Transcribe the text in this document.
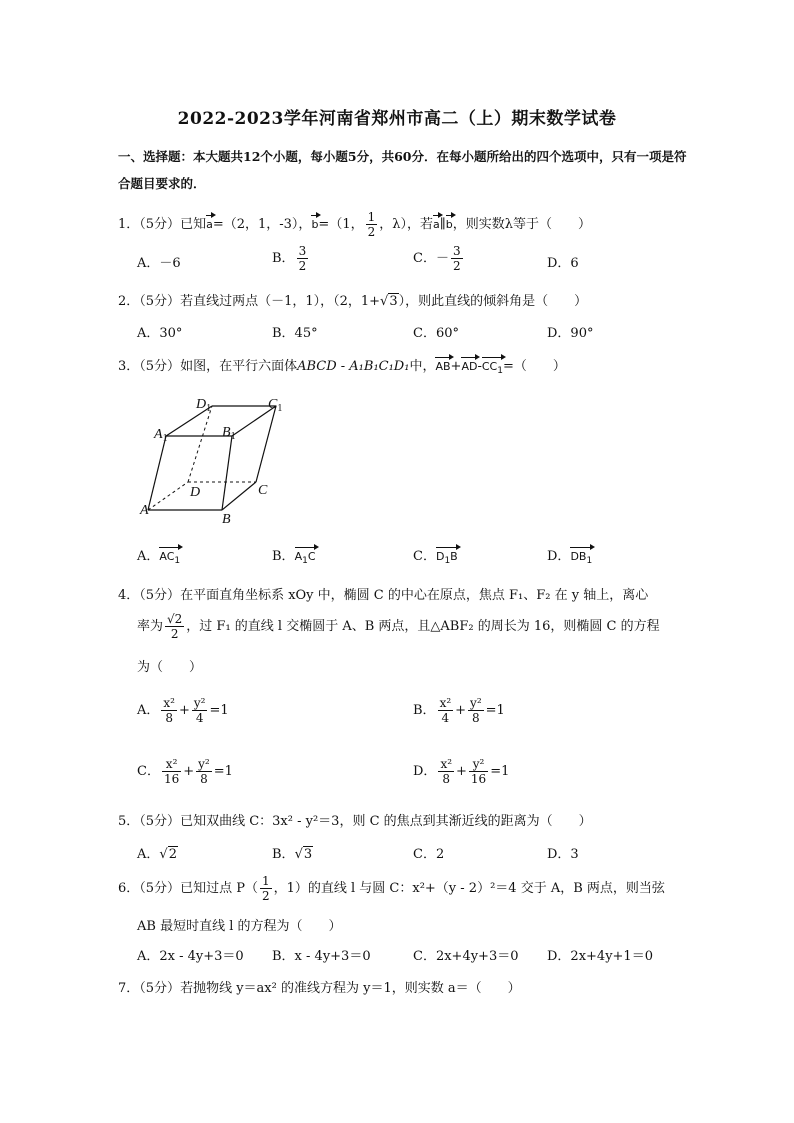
2022-2023学年河南省郑州市高二（上）期末数学试卷
一、选择题：本大题共12个小题，每小题5分，共60分．在每小题所给出的四个选项中，只有一项是符合题目要求的．
1．（5分）已知a=（2，1，-3），b=（1， $\frac{1}{2}$ ，λ），若a∥b，则实数λ等于（　　）
A．－6	B． $\frac{3}{2}$	C．－ $\frac{3}{2}$	D．6
2．（5分）若直线过两点（－1，1），（2，1+√3），则此直线的倾斜角是（　　）
A．30°	B．45°	C．60°	D．90°
3．（5分）如图，在平行六面体ABCD - A₁B₁C₁D₁中，$AB+AD-CC_1=$（　　）
$D_1$	$C_1$
$A_1$	$B_1$
D	C
A
B
A．$AC_1$	B．$A_1C$	C．$D_1B$	D．$DB_1$
4．（5分）在平面直角坐标系 xOy 中，椭圆 C 的中心在原点，焦点 F₁、F₂ 在 y 轴上，离心
率为 $\frac{√2}{2}$ ，过 F₁ 的直线 l 交椭圆于 A、B 两点，且△ABF₂ 的周长为 16，则椭圆 C 的方程
为（　　）
A． $\frac{\text{x²}}{8} + \frac{\text{y²}}{4} =1$	B． $\frac{\text{x²}}{4} + \frac{\text{y²}}{8} =1$
C． $\frac{\text{x²}}{16} + \frac{\text{y²}}{8} =1$	D． $\frac{\text{x²}}{8} + \frac{\text{y²}}{16} =1$
5．（5分）已知双曲线 C：3x² - y²＝3，则 C 的焦点到其渐近线的距离为（　　）
A．√2	B．√3	C．2	D．3
6．（5分）已知过点 $P( \frac{1}{2}$ ，1）的直线 l 与圆 C：x²+（y - 2）²＝4 交于 A，B 两点，则当弦
AB 最短时直线 l 的方程为（　　）
A．2x - 4y+3＝0 B．x - 4y+3＝0	C．2x+4y+3＝0 D．2x+4y+1＝0
7．（5分）若抛物线 y＝ax² 的准线方程为 y＝1，则实数 a＝（　　）
